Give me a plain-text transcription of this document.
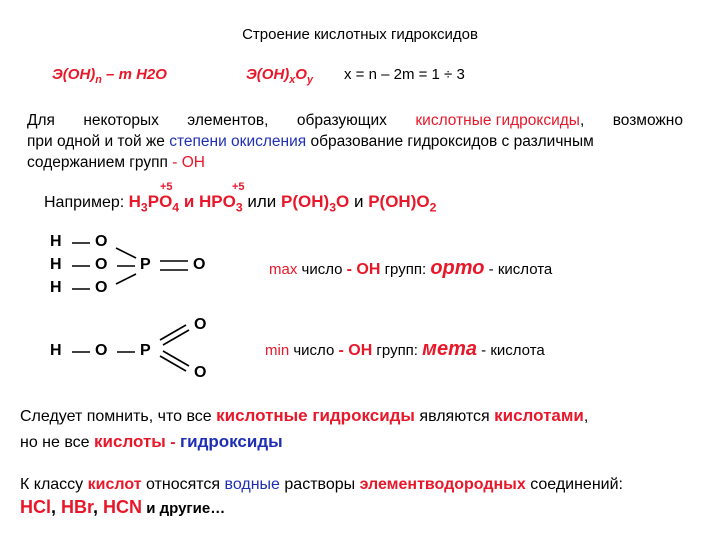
Строение кислотных гидроксидов
$Э(OH)_n$ – m H2O	$Э(OH)_xO_y$ x = n – 2m = 1 ÷ 3
Для некоторых элементов, образующих кислотные гидроксиды, возможно
при одной и той же степени окисления образование гидроксидов с различным
содержанием групп - OH
+5	+5
Например: $H_3PO_4$ и $HPO_3$ или $P(OH)_3O$ и $P(OH)O_2$
H O
H O P	O
H O
O
H O P
O
max число - OH групп: орто - кислота
min число - OH групп: мета - кислота
Следует помнить, что все кислотные гидроксиды являются кислотами,
но не все кислоты - гидроксиды
К классу кислот относятся водные растворы элементводородных соединений:
HCl, HBr, HCN и другие…
